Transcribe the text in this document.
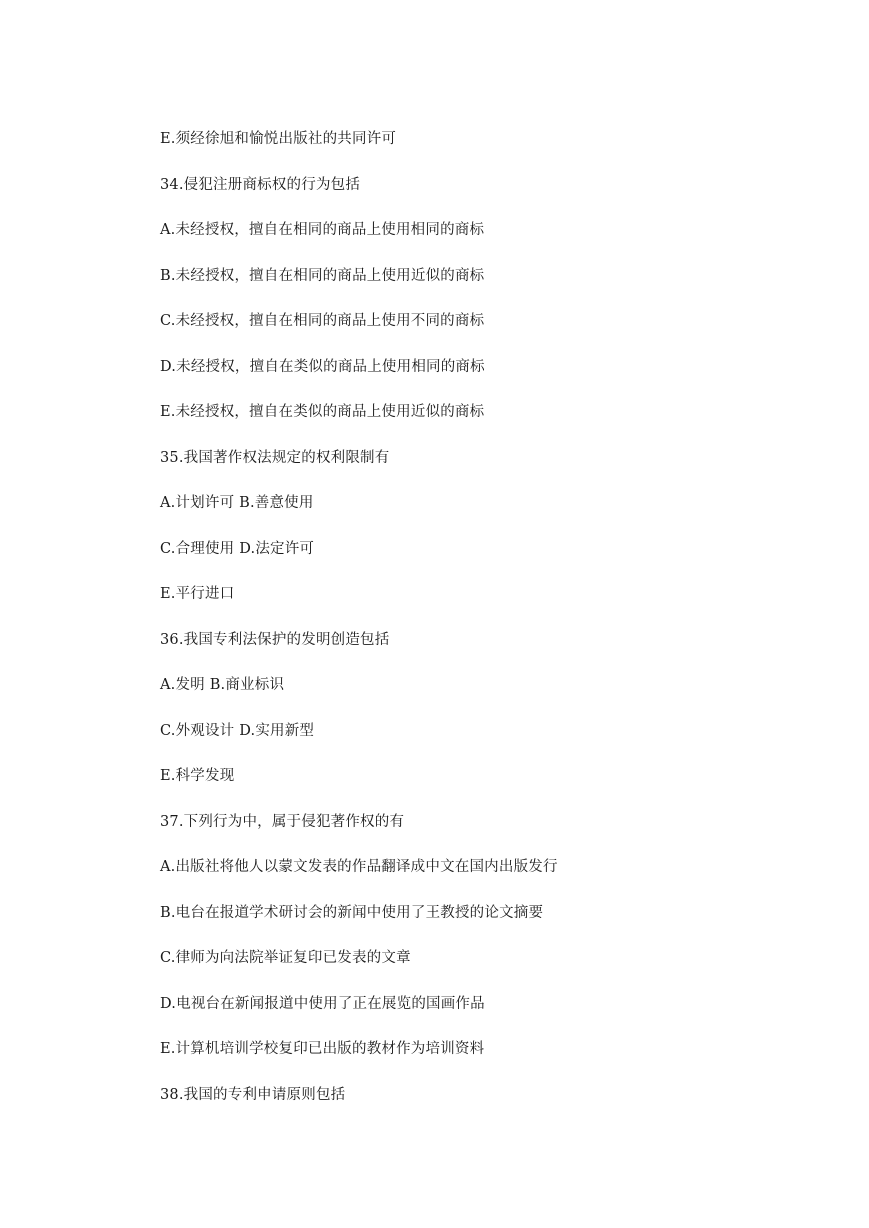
E.须经徐旭和愉悦出版社的共同许可
34.侵犯注册商标权的行为包括
A.未经授权，擅自在相同的商品上使用相同的商标
B.未经授权，擅自在相同的商品上使用近似的商标
C.未经授权，擅自在相同的商品上使用不同的商标
D.未经授权，擅自在类似的商品上使用相同的商标
E.未经授权，擅自在类似的商品上使用近似的商标
35.我国著作权法规定的权利限制有
A.计划许可 B.善意使用
C.合理使用 D.法定许可
E.平行进口
36.我国专利法保护的发明创造包括
A.发明 B.商业标识
C.外观设计 D.实用新型
E.科学发现
37.下列行为中，属于侵犯著作权的有
A.出版社将他人以蒙文发表的作品翻译成中文在国内出版发行
B.电台在报道学术研讨会的新闻中使用了王教授的论文摘要
C.律师为向法院举证复印已发表的文章
D.电视台在新闻报道中使用了正在展览的国画作品
E.计算机培训学校复印已出版的教材作为培训资料
38.我国的专利申请原则包括
